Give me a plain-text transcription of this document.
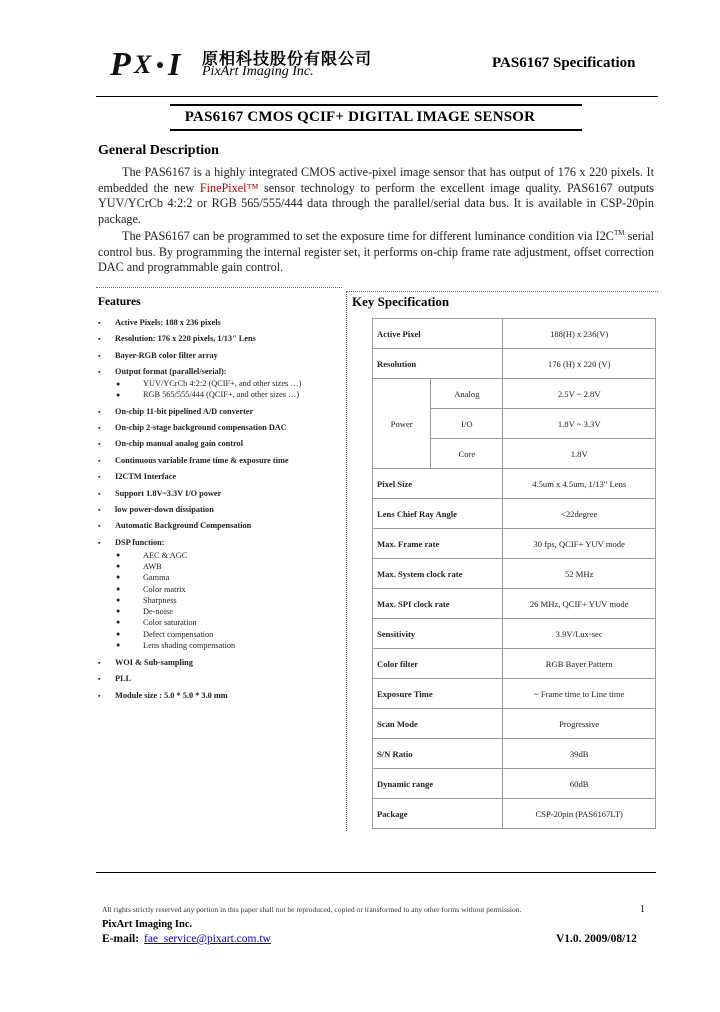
P X I 原相科技股份有限公司
PixArt Imaging Inc.
PAS6167 Specification
PAS6167 CMOS QCIF+ DIGITAL IMAGE SENSOR
General Description
The PAS6167 is a highly integrated CMOS active-pixel image sensor that has output of 176 x 220 pixels. It embedded the new FinePixel™ sensor technology to perform the excellent image quality. PAS6167 outputs YUV/YCrCb 4:2:2 or RGB 565/555/444 data through the parallel/serial data bus. It is available in CSP-20pin package.
The PAS6167 can be programmed to set the exposure time for different luminance condition via I2C™ serial control bus. By programming the internal register set, it performs on-chip frame rate adjustment, offset correction DAC and programmable gain control.
Features
▪ Active Pixels: 188 x 236 pixels
▪ Resolution: 176 x 220 pixels, 1/13" Lens
▪ Bayer-RGB color filter array
▪ Output format (parallel/serial):
● YUV/YCrCb 4:2:2 (QCIF+, and other sizes …)
● RGB 565/555/444 (QCIF+, and other sizes …)
▪ On-chip 11-bit pipelined A/D converter
▪ On-chip 2-stage background compensation DAC
▪ On-chip manual analog gain control
▪ Continuous variable frame time & exposure time
▪ I2CTM Interface
▪ Support 1.8V~3.3V I/O power
▪ low power-down dissipation
▪ Automatic Background Compensation
▪ DSP function:
● AEC & AGC
● AWB
● Gamma
● Color matrix
● Sharpness
● De-noise
● Color saturation
● Defect compensation
● Lens shading compensation
▪ WOI & Sub-sampling
▪ PLL
▪ Module size : 5.0 * 5.0 * 3.0 mm
Key Specification
Active Pixel		188(H) x 236(V)
Resolution		176 (H) x 220 (V)
Power	Analog	2.5V ~ 2.8V
	I/O	1.8V ~ 3.3V
	Core	1.8V
Pixel Size		4.5um x 4.5um, 1/13" Lens
Lens Chief Ray Angle		<22degree
Max. Frame rate		30 fps, QCIF+ YUV mode
Max. System clock rate		52 MHz
Max. SPI clock rate		26 MHz, QCIF+ YUV mode
Sensitivity		3.9V/Lux-sec
Color filter		RGB Bayer Pattern
Exposure Time		~ Frame time to Line time
Scan Mode		Progressive
S/N Ratio		39dB
Dynamic range		60dB
Package		CSP-20pin (PAS6167LT)
All rights strictly reserved any portion in this paper shall not be reproduced, copied or transformed to any other forms without permission.	1
PixArt Imaging Inc.
E-mail: fae_service@pixart.com.tw	V1.0. 2009/08/12
